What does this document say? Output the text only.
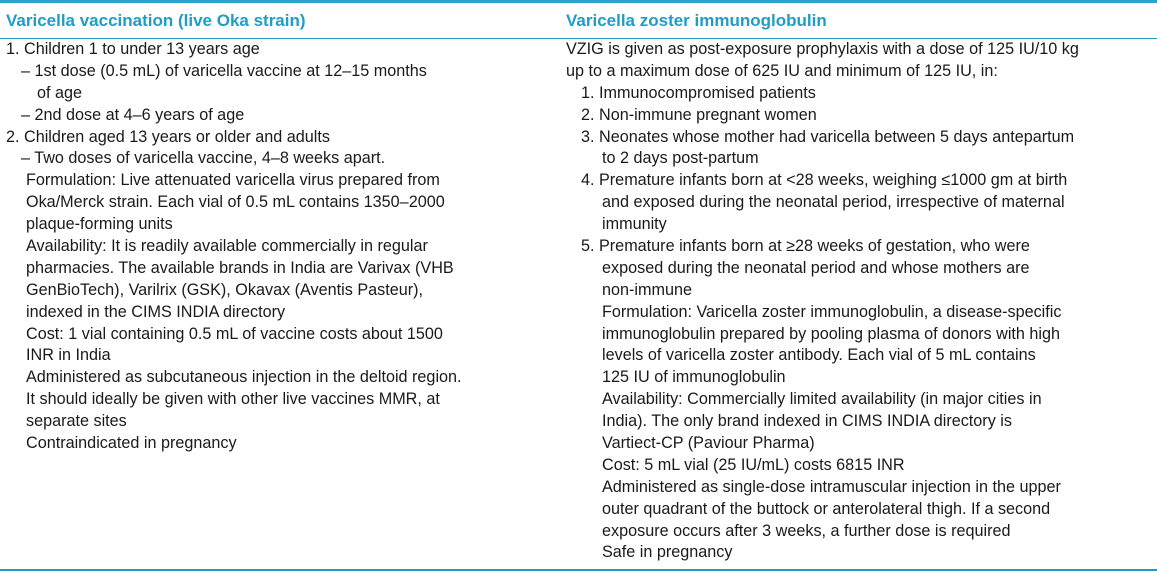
Varicella vaccination (live Oka strain)	Varicella zoster immunoglobulin
1. Children 1 to under 13 years age
– 1st dose (0.5 mL) of varicella vaccine at 12–15 months
of age
– 2nd dose at 4–6 years of age
2. Children aged 13 years or older and adults
– Two doses of varicella vaccine, 4–8 weeks apart.
Formulation: Live attenuated varicella virus prepared from
Oka/Merck strain. Each vial of 0.5 mL contains 1350–2000
plaque-forming units
Availability: It is readily available commercially in regular
pharmacies. The available brands in India are Varivax (VHB
GenBioTech), Varilrix (GSK), Okavax (Aventis Pasteur),
indexed in the CIMS INDIA directory
Cost: 1 vial containing 0.5 mL of vaccine costs about 1500
INR in India
Administered as subcutaneous injection in the deltoid region.
It should ideally be given with other live vaccines MMR, at
separate sites
Contraindicated in pregnancy
VZIG is given as post-exposure prophylaxis with a dose of 125 IU/10 kg
up to a maximum dose of 625 IU and minimum of 125 IU, in:
1. Immunocompromised patients
2. Non-immune pregnant women
3. Neonates whose mother had varicella between 5 days antepartum
to 2 days post-partum
4. Premature infants born at <28 weeks, weighing ≤1000 gm at birth
and exposed during the neonatal period, irrespective of maternal
immunity
5. Premature infants born at ≥28 weeks of gestation, who were
exposed during the neonatal period and whose mothers are
non-immune
Formulation: Varicella zoster immunoglobulin, a disease-specific
immunoglobulin prepared by pooling plasma of donors with high
levels of varicella zoster antibody. Each vial of 5 mL contains
125 IU of immunoglobulin
Availability: Commercially limited availability (in major cities in
India). The only brand indexed in CIMS INDIA directory is
Vartiect-CP (Paviour Pharma)
Cost: 5 mL vial (25 IU/mL) costs 6815 INR
Administered as single-dose intramuscular injection in the upper
outer quadrant of the buttock or anterolateral thigh. If a second
exposure occurs after 3 weeks, a further dose is required
Safe in pregnancy
